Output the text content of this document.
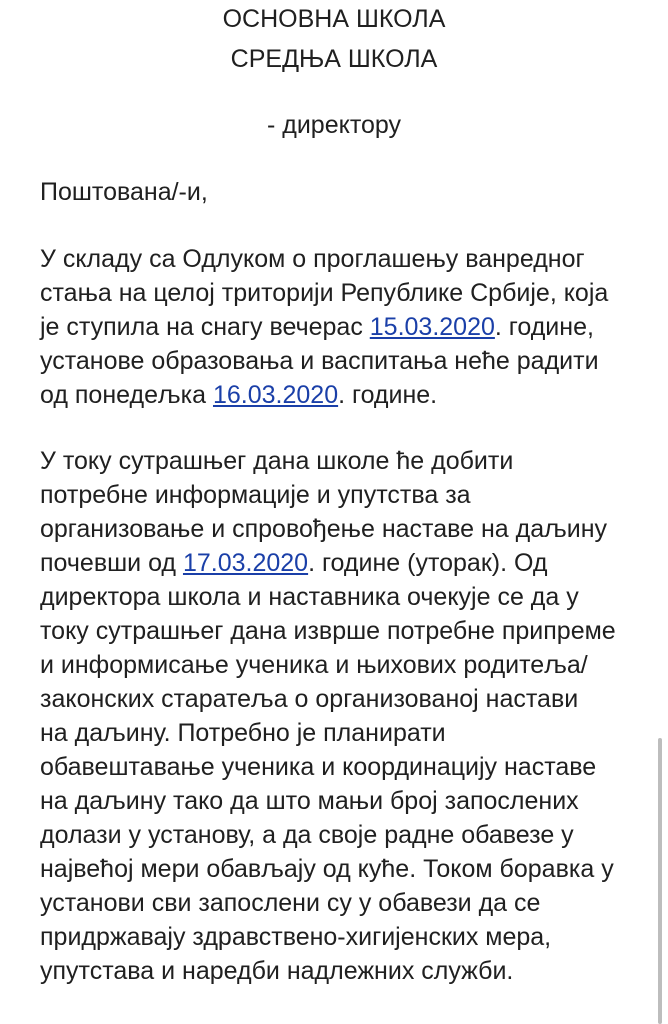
ОСНОВНА ШКОЛА
СРЕДЊА ШКОЛА
- директору
Поштована/-и,
У складу са Одлуком о проглашењу ванредног
стања на целој триторији Републике Србије, која
је ступила на снагу вечерас 15.03.2020. године,
установе образовања и васпитања неће радити
од понедељка 16.03.2020. године.
У току сутрашњег дана школе ће добити
потребне информације и упутства за
организовање и спровођење наставе на даљину
почевши од 17.03.2020. године (уторак). Од
директора школа и наставника очекује се да у
току сутрашњег дана изврше потребне припреме
и информисање ученика и њихових родитеља/
законских старатеља о организованој настави
на даљину. Потребно је планирати
обавештавање ученика и координацију наставе
на даљину тако да што мањи број запослених
долази у установу, а да своје радне обавезе у
највећој мери обављају од куће. Током боравка у
установи сви запослени су у обавези да се
придржавају здравствено-хигијенских мера,
упутстава и наредби надлежних служби.
